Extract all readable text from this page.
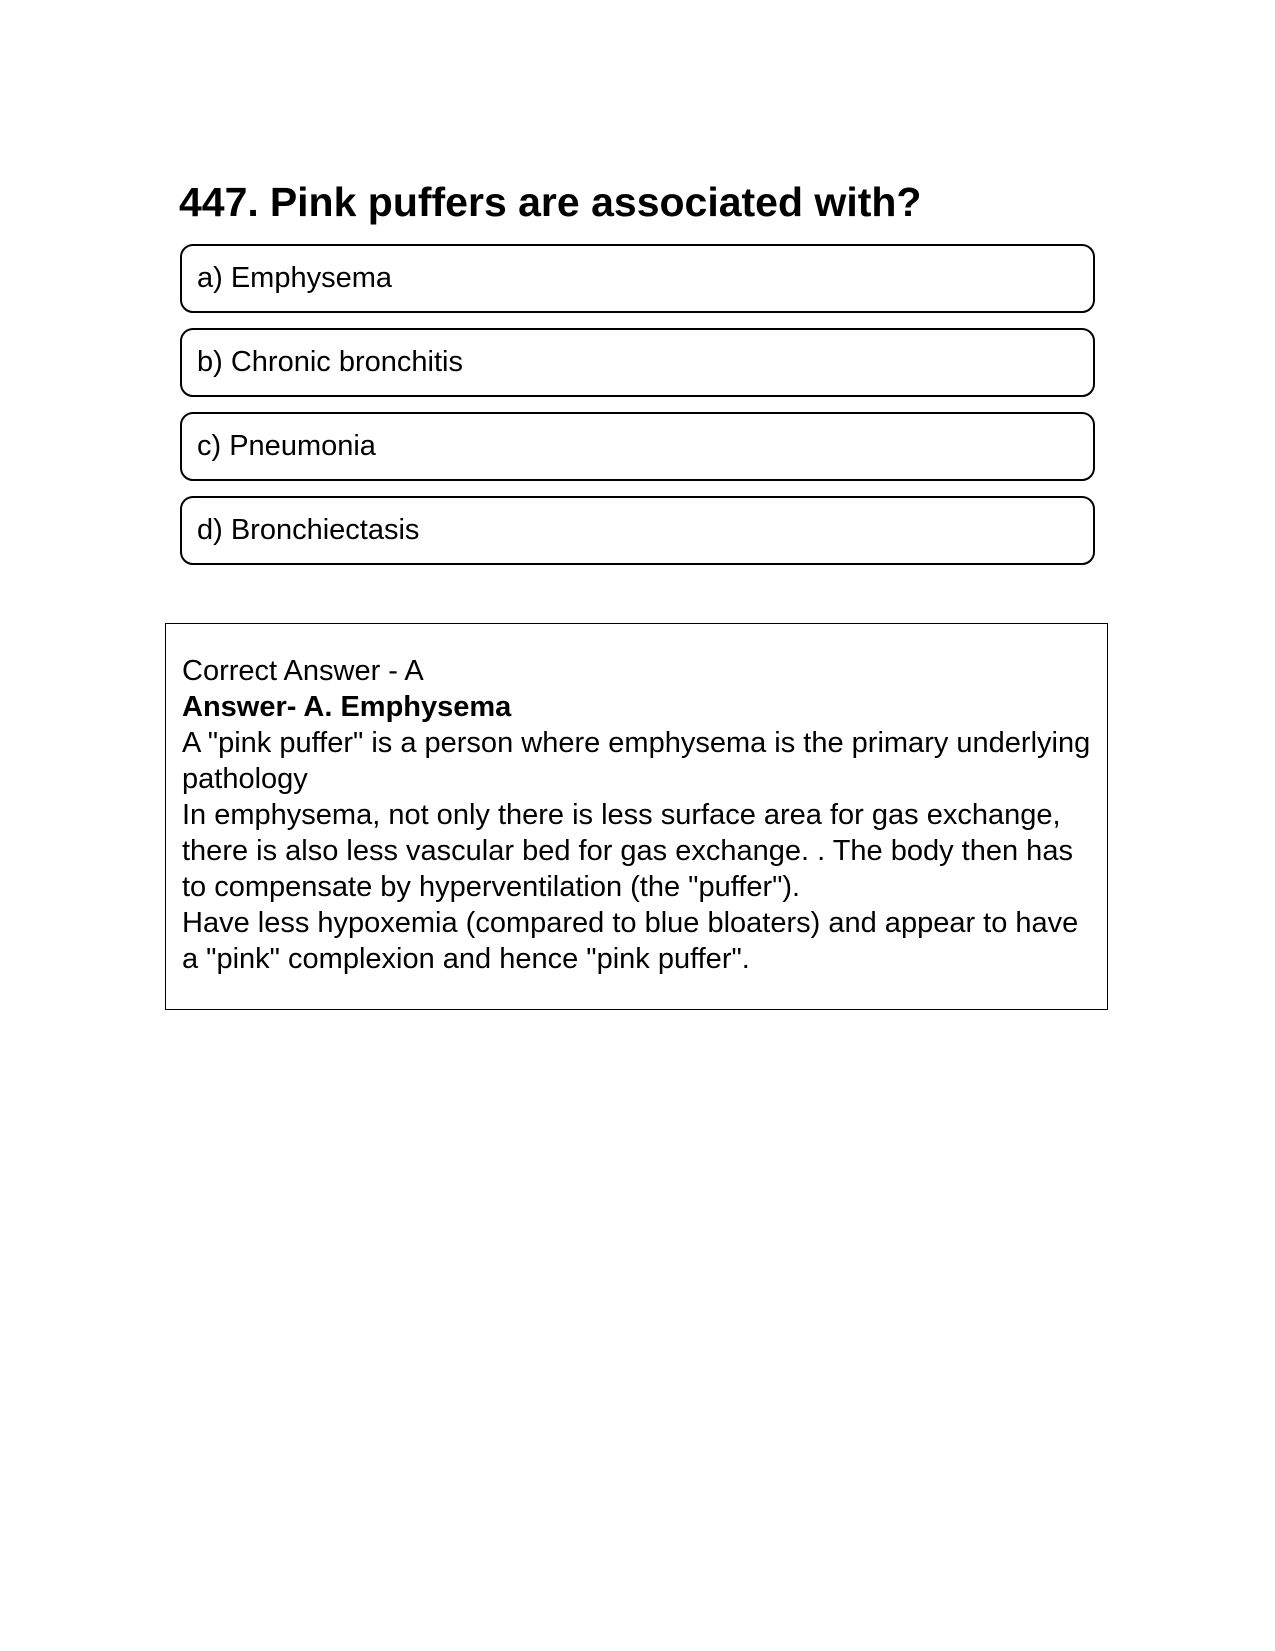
447. Pink puffers are associated with?
a) Emphysema
b) Chronic bronchitis
c) Pneumonia
d) Bronchiectasis

Correct Answer - A

Answer- A. Emphysema

A "pink puffer" is a person where emphysema is the primary underlying pathology

In emphysema, not only there is less surface area for gas exchange, there is also less vascular bed for gas exchange. . The body then has to compensate by hyperventilation (the "puffer").

Have less hypoxemia (compared to blue bloaters) and appear to have a "pink" complexion and hence "pink puffer".
